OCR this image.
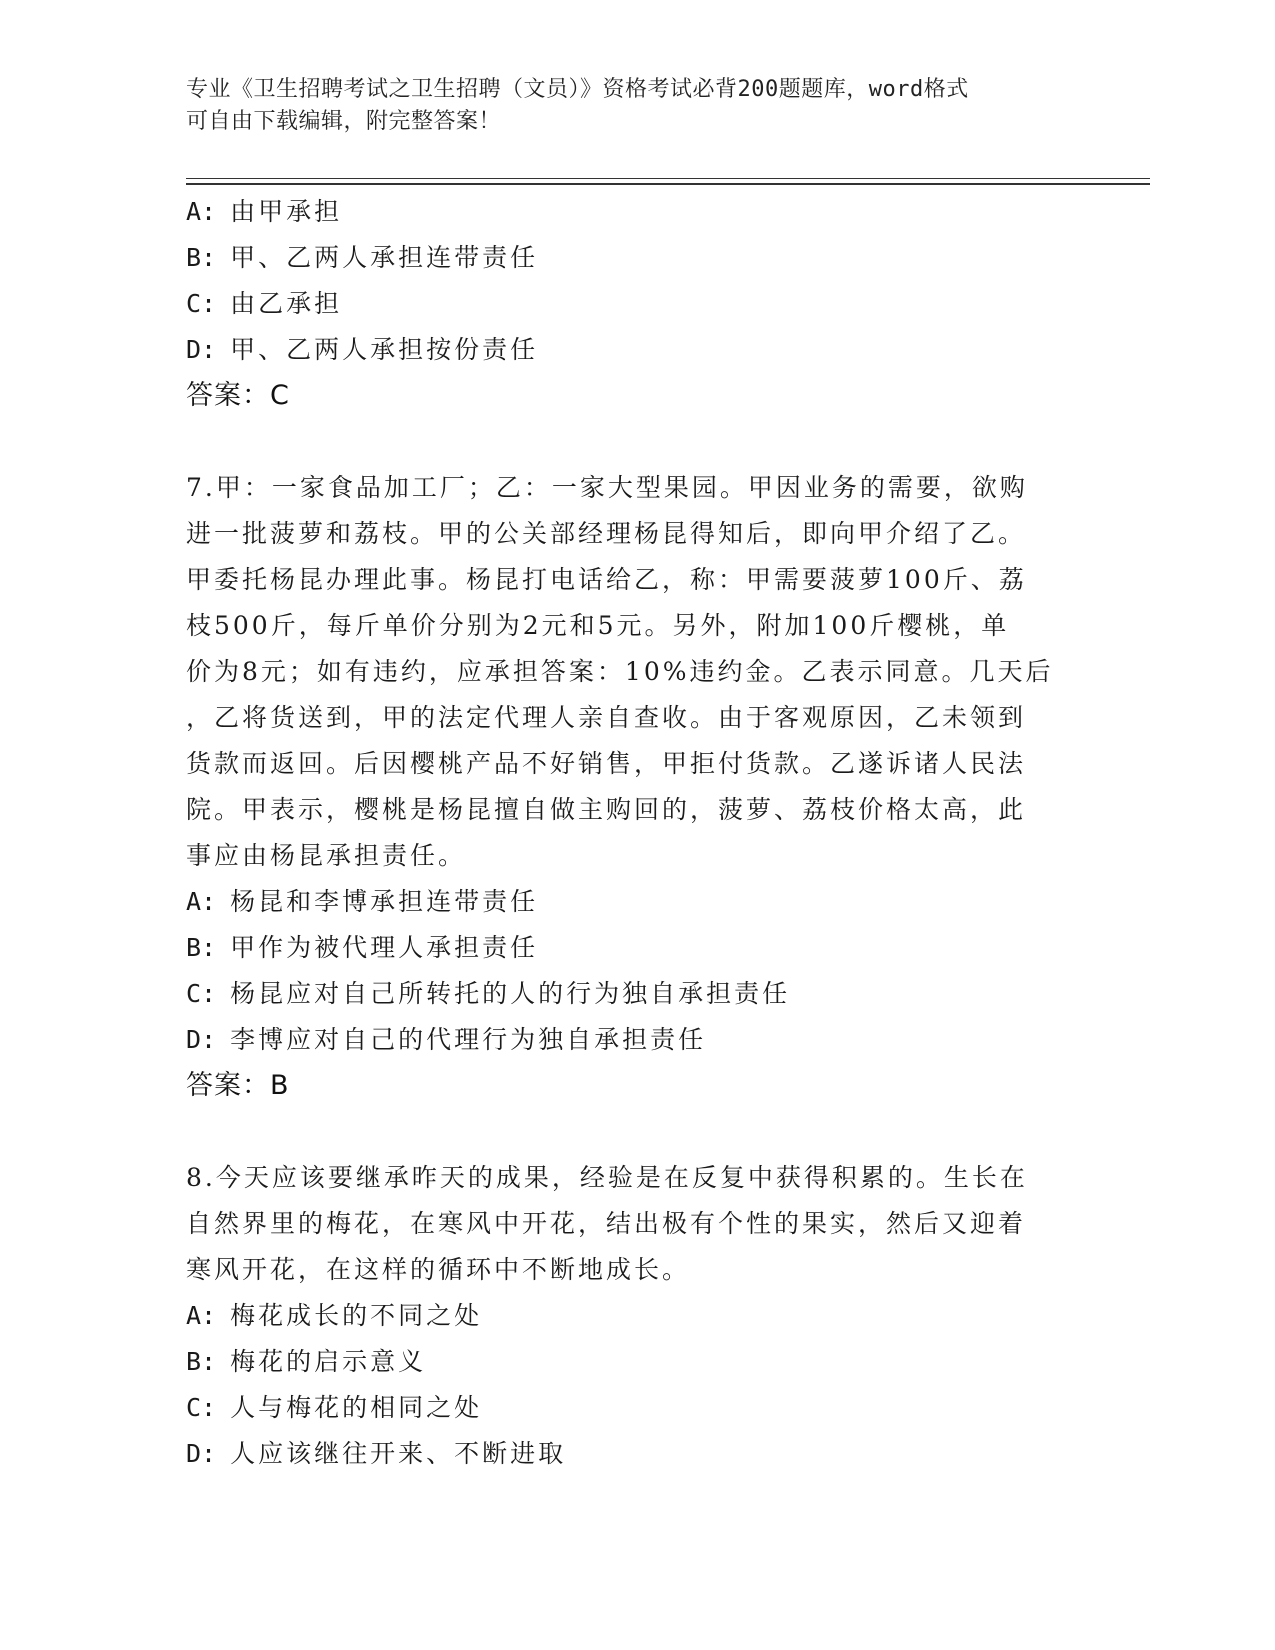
专业《卫生招聘考试之卫生招聘（文员）》资格考试必背200题题库，word格式
可自由下载编辑，附完整答案！
A: 由甲承担
B: 甲、乙两人承担连带责任
C: 由乙承担
D: 甲、乙两人承担按份责任
答案：C
7.甲：一家食品加工厂；乙：一家大型果园。甲因业务的需要，欲购
进一批菠萝和荔枝。甲的公关部经理杨昆得知后，即向甲介绍了乙。
甲委托杨昆办理此事。杨昆打电话给乙，称：甲需要菠萝100斤、荔
枝500斤，每斤单价分别为2元和5元。另外，附加100斤樱桃，单
价为8元；如有违约，应承担答案：10%违约金。乙表示同意。几天后
，乙将货送到，甲的法定代理人亲自查收。由于客观原因，乙未领到
货款而返回。后因樱桃产品不好销售，甲拒付货款。乙遂诉诸人民法
院。甲表示，樱桃是杨昆擅自做主购回的，菠萝、荔枝价格太高，此
事应由杨昆承担责任。
A: 杨昆和李博承担连带责任
B: 甲作为被代理人承担责任
C: 杨昆应对自己所转托的人的行为独自承担责任
D: 李博应对自己的代理行为独自承担责任
答案：B
8.今天应该要继承昨天的成果，经验是在反复中获得积累的。生长在
自然界里的梅花，在寒风中开花，结出极有个性的果实，然后又迎着
寒风开花，在这样的循环中不断地成长。
A: 梅花成长的不同之处
B: 梅花的启示意义
C: 人与梅花的相同之处
D: 人应该继往开来、不断进取
